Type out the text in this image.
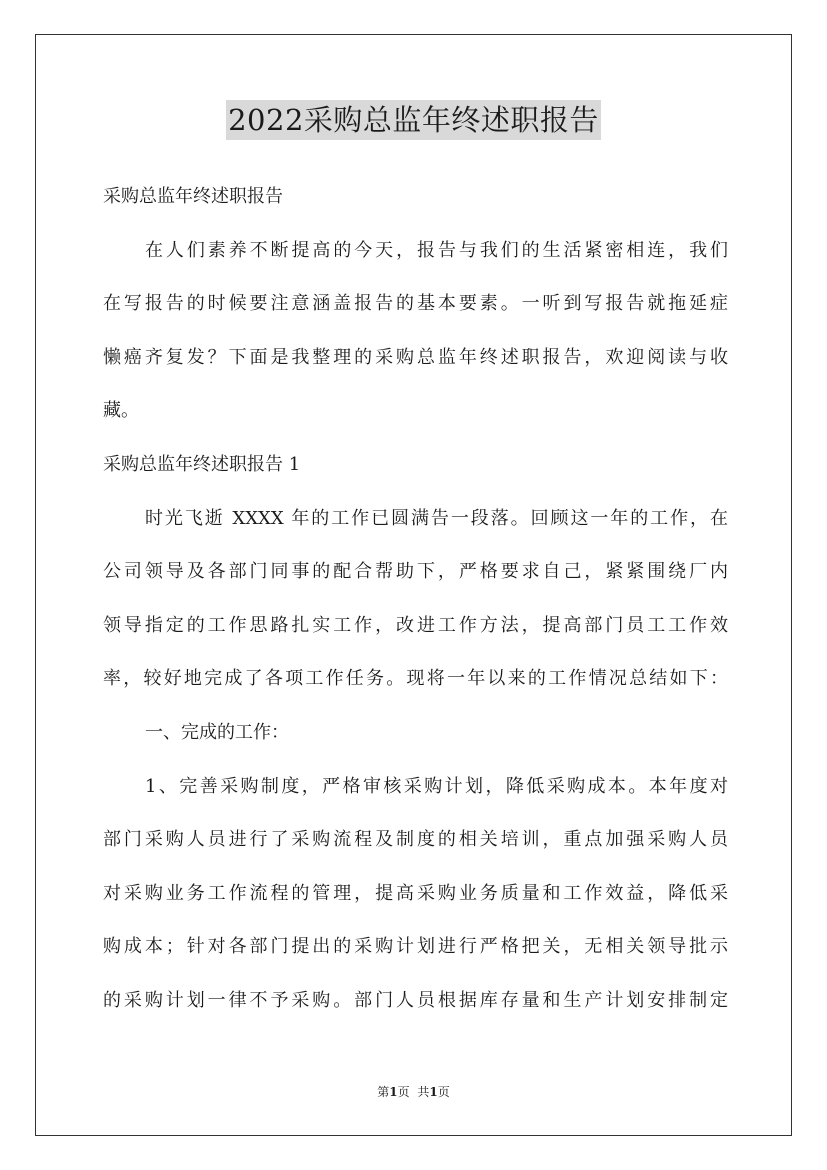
2022采购总监年终述职报告
采购总监年终述职报告
在人们素养不断提高的今天，报告与我们的生活紧密相连，我们
在写报告的时候要注意涵盖报告的基本要素。一听到写报告就拖延症
懒癌齐复发？下面是我整理的采购总监年终述职报告，欢迎阅读与收
藏。
采购总监年终述职报告 1
时光飞逝 XXXX 年的工作已圆满告一段落。回顾这一年的工作，在
公司领导及各部门同事的配合帮助下，严格要求自己，紧紧围绕厂内
领导指定的工作思路扎实工作，改进工作方法，提高部门员工工作效
率，较好地完成了各项工作任务。现将一年以来的工作情况总结如下：
一、完成的工作：
1、完善采购制度，严格审核采购计划，降低采购成本。本年度对
部门采购人员进行了采购流程及制度的相关培训，重点加强采购人员
对采购业务工作流程的管理，提高采购业务质量和工作效益，降低采
购成本；针对各部门提出的采购计划进行严格把关，无相关领导批示
的采购计划一律不予采购。部门人员根据库存量和生产计划安排制定
第1页 共1页
